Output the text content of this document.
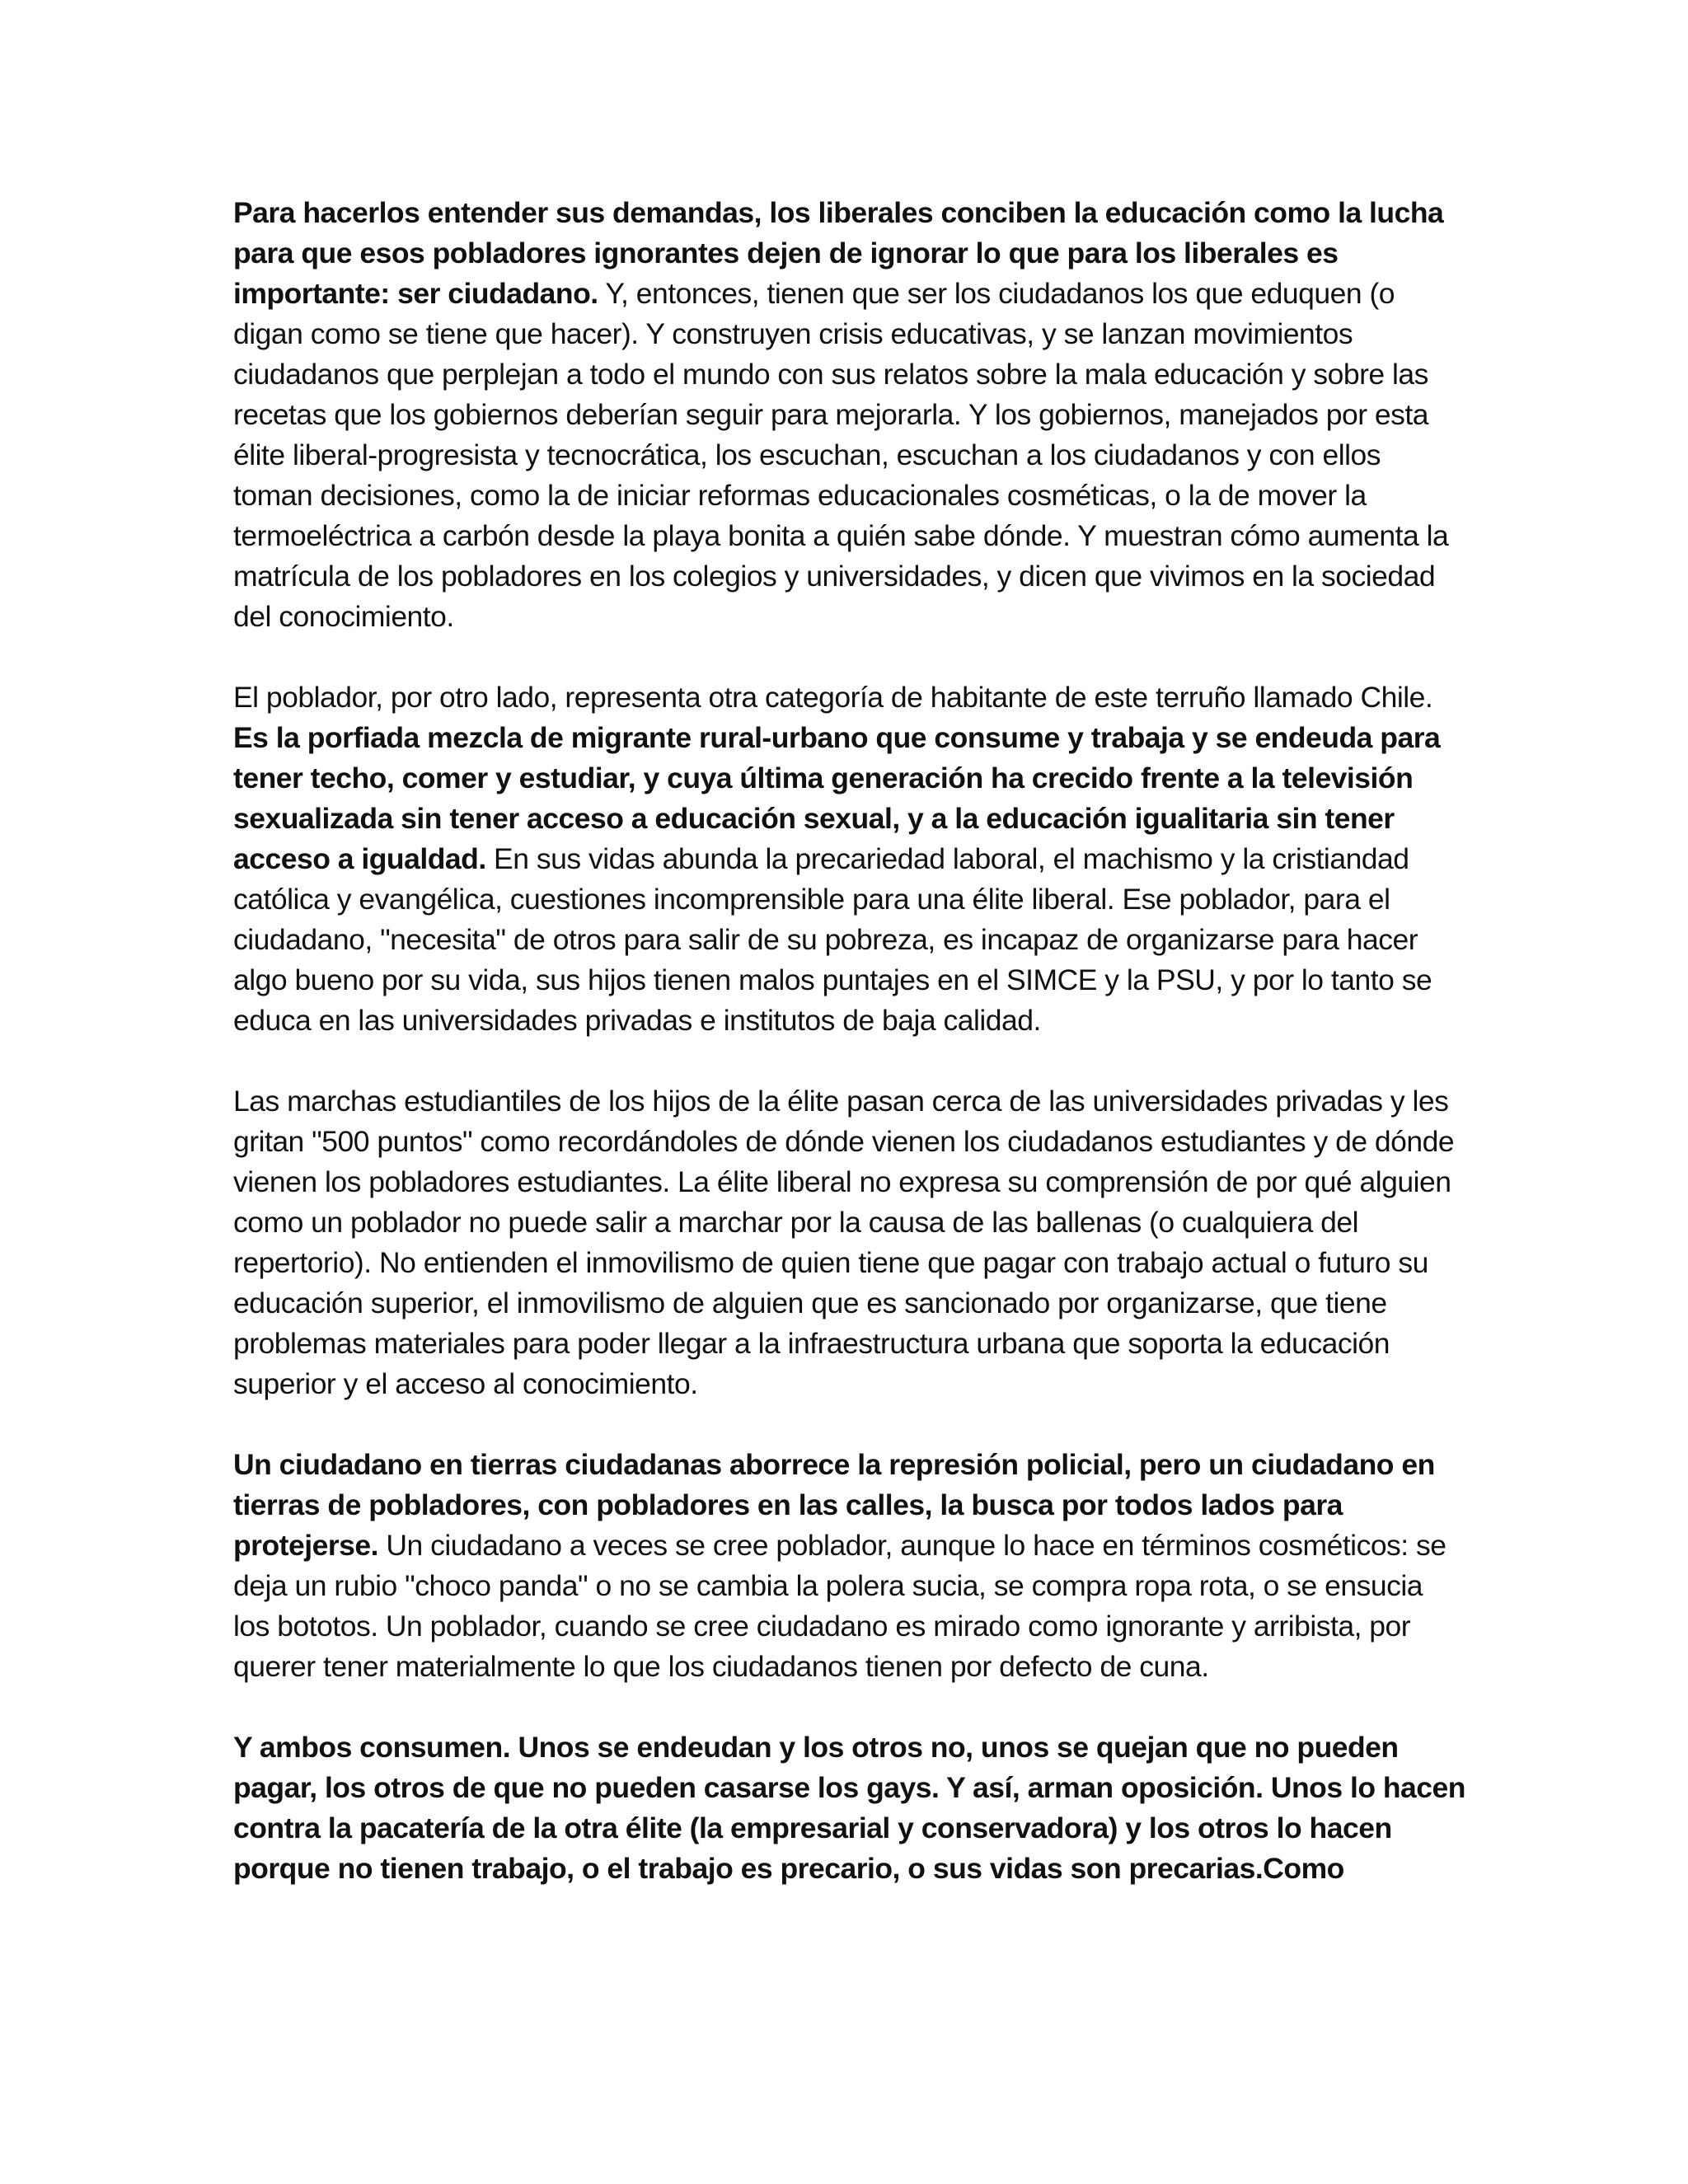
Para hacerlos entender sus demandas, los liberales conciben la educación como la lucha para que esos pobladores ignorantes dejen de ignorar lo que para los liberales es importante: ser ciudadano. Y, entonces, tienen que ser los ciudadanos los que eduquen (o digan como se tiene que hacer). Y construyen crisis educativas, y se lanzan movimientos ciudadanos que perplejan a todo el mundo con sus relatos sobre la mala educación y sobre las recetas que los gobiernos deberían seguir para mejorarla. Y los gobiernos, manejados por esta élite liberal-progresista y tecnocrática, los escuchan, escuchan a los ciudadanos y con ellos toman decisiones, como la de iniciar reformas educacionales cosméticas, o la de mover la termoeléctrica a carbón desde la playa bonita a quién sabe dónde. Y muestran cómo aumenta la matrícula de los pobladores en los colegios y universidades, y dicen que vivimos en la sociedad del conocimiento.

El poblador, por otro lado, representa otra categoría de habitante de este terruño llamado Chile. Es la porfiada mezcla de migrante rural-urbano que consume y trabaja y se endeuda para tener techo, comer y estudiar, y cuya última generación ha crecido frente a la televisión sexualizada sin tener acceso a educación sexual, y a la educación igualitaria sin tener acceso a igualdad. En sus vidas abunda la precariedad laboral, el machismo y la cristiandad católica y evangélica, cuestiones incomprensible para una élite liberal. Ese poblador, para el ciudadano, "necesita" de otros para salir de su pobreza, es incapaz de organizarse para hacer algo bueno por su vida, sus hijos tienen malos puntajes en el SIMCE y la PSU, y por lo tanto se educa en las universidades privadas e institutos de baja calidad.

Las marchas estudiantiles de los hijos de la élite pasan cerca de las universidades privadas y les gritan "500 puntos" como recordándoles de dónde vienen los ciudadanos estudiantes y de dónde vienen los pobladores estudiantes. La élite liberal no expresa su comprensión de por qué alguien como un poblador no puede salir a marchar por la causa de las ballenas (o cualquiera del repertorio). No entienden el inmovilismo de quien tiene que pagar con trabajo actual o futuro su educación superior, el inmovilismo de alguien que es sancionado por organizarse, que tiene problemas materiales para poder llegar a la infraestructura urbana que soporta la educación superior y el acceso al conocimiento.

Un ciudadano en tierras ciudadanas aborrece la represión policial, pero un ciudadano en tierras de pobladores, con pobladores en las calles, la busca por todos lados para protejerse. Un ciudadano a veces se cree poblador, aunque lo hace en términos cosméticos: se deja un rubio "choco panda" o no se cambia la polera sucia, se compra ropa rota, o se ensucia los bototos. Un poblador, cuando se cree ciudadano es mirado como ignorante y arribista, por querer tener materialmente lo que los ciudadanos tienen por defecto de cuna.

Y ambos consumen. Unos se endeudan y los otros no, unos se quejan que no pueden pagar, los otros de que no pueden casarse los gays. Y así, arman oposición. Unos lo hacen contra la pacatería de la otra élite (la empresarial y conservadora) y los otros lo hacen porque no tienen trabajo, o el trabajo es precario, o sus vidas son precarias.Como
